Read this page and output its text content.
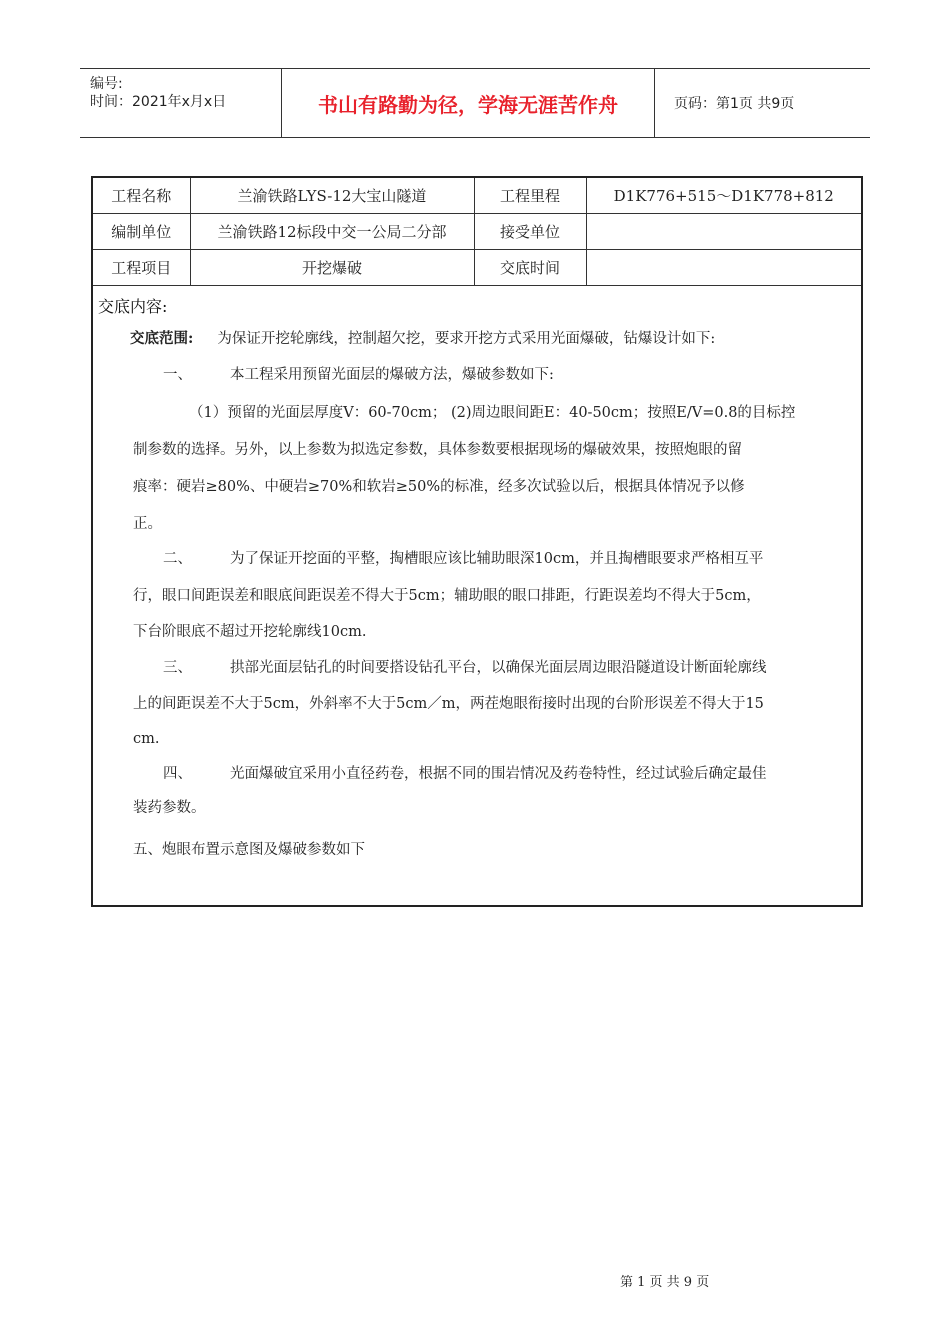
编号:
时间：2021年x月x日	书山有路勤为径，学海无涯苦作舟	页码：第1页 共9页
工程名称	兰渝铁路LYS-12大宝山隧道	工程里程	D1K776+515～D1K778+812
编制单位	兰渝铁路12标段中交一公局二分部	接受单位	
工程项目	开挖爆破	交底时间	
交底内容:
交底范围: 为保证开挖轮廓线，控制超欠挖，要求开挖方式采用光面爆破，钻爆设计如下:
一、	本工程采用预留光面层的爆破方法，爆破参数如下:
（1）预留的光面层厚度V：60-70cm； (2)周边眼间距E：40-50cm；按照E/V=0.8的目标控
制参数的选择。另外，以上参数为拟选定参数，具体参数要根据现场的爆破效果，按照炮眼的留
痕率：硬岩≥80%、中硬岩≥70%和软岩≥50%的标准，经多次试验以后，根据具体情况予以修
正。
二、	为了保证开挖面的平整，掏槽眼应该比辅助眼深10cm，并且掏槽眼要求严格相互平
行，眼口间距误差和眼底间距误差不得大于5cm；辅助眼的眼口排距，行距误差均不得大于5cm，
下台阶眼底不超过开挖轮廓线10cm.
三、	拱部光面层钻孔的时间要搭设钻孔平台，以确保光面层周边眼沿隧道设计断面轮廓线
上的间距误差不大于5cm，外斜率不大于5cm／m，两茬炮眼衔接时出现的台阶形误差不得大于15
cm.
四、	光面爆破宜采用小直径药卷，根据不同的围岩情况及药卷特性，经过试验后确定最佳
装药参数。
五、炮眼布置示意图及爆破参数如下
第 1 页 共 9 页
